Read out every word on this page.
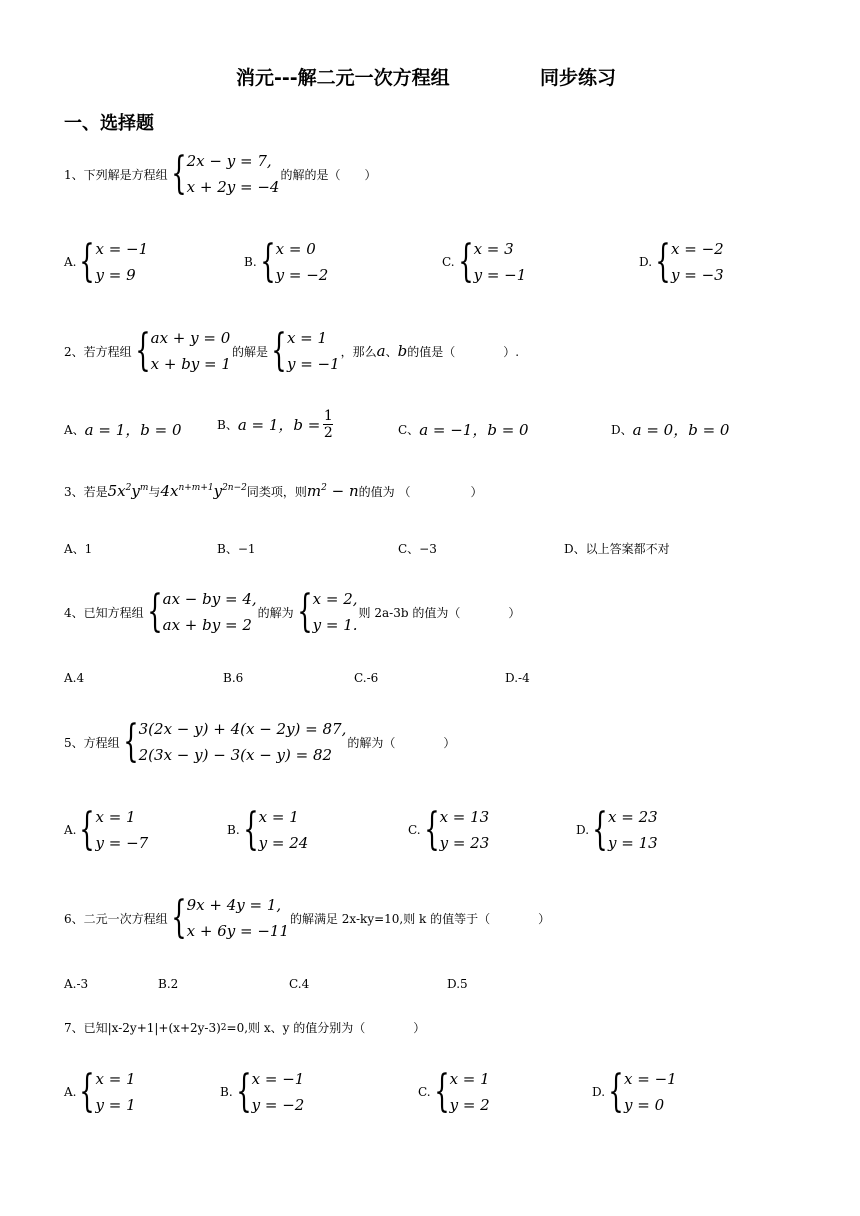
消元---解二元一次方程组	同步练习
一、选择题
1、下列解是方程组 { 2x − y = 7,
x + 2y = −4
的解的是（　　）
A. { x = −1
y = 9
B. { x = 0
y = −2
C. { x = 3
y = −1
D. { x = −2
y = −3
2、若方程组 { ax + y = 0
x + by = 1
的解是 { x = 1
y = −1
，那么 a 、 b 的值是（　　　　）.
A、 a = 1，b = 0	B、 a = 1，$b = \frac{1}{2}$	C、 a = −1，b = 0	D、 a = 0，b = 0
3、若是 $5x^2y^m$ 与 $4x^{n+m+1}y^{2n-2}$ 同类项，则 $m^2 - n$ 的值为 （　　　　　）
A、1	B、−1	C、−3	D、以上答案都不对
4、已知方程组 { ax − by = 4,
ax + by = 2
的解为 { x = 2,
y = 1.
则 2a-3b 的值为（　　　　）
A.4	B.6	C.-6	D.-4
5、方程组 { 3(2x − y) + 4(x − 2y) = 87,
2(3x − y) − 3(x − y) = 82
的解为（　　　　）
A. { x = 1
y = −7
B. { x = 1
y = 24
C. { x = 13
y = 23
D. { x = 23
y = 13
6、二元一次方程组 { 9x + 4y = 1,
x + 6y = −11
的解满足 2x-ky=10,则 k 的值等于（　　　　）
A.-3	B.2	C.4	D.5
7、已知|x-2y+1|+(x+2y-3) 2 =0,则 x、y 的值分别为（　　　　）
A. { x = 1
y = 1
B. { x = −1
y = −2
C. { x = 1
y = 2
D. { x = −1
y = 0
